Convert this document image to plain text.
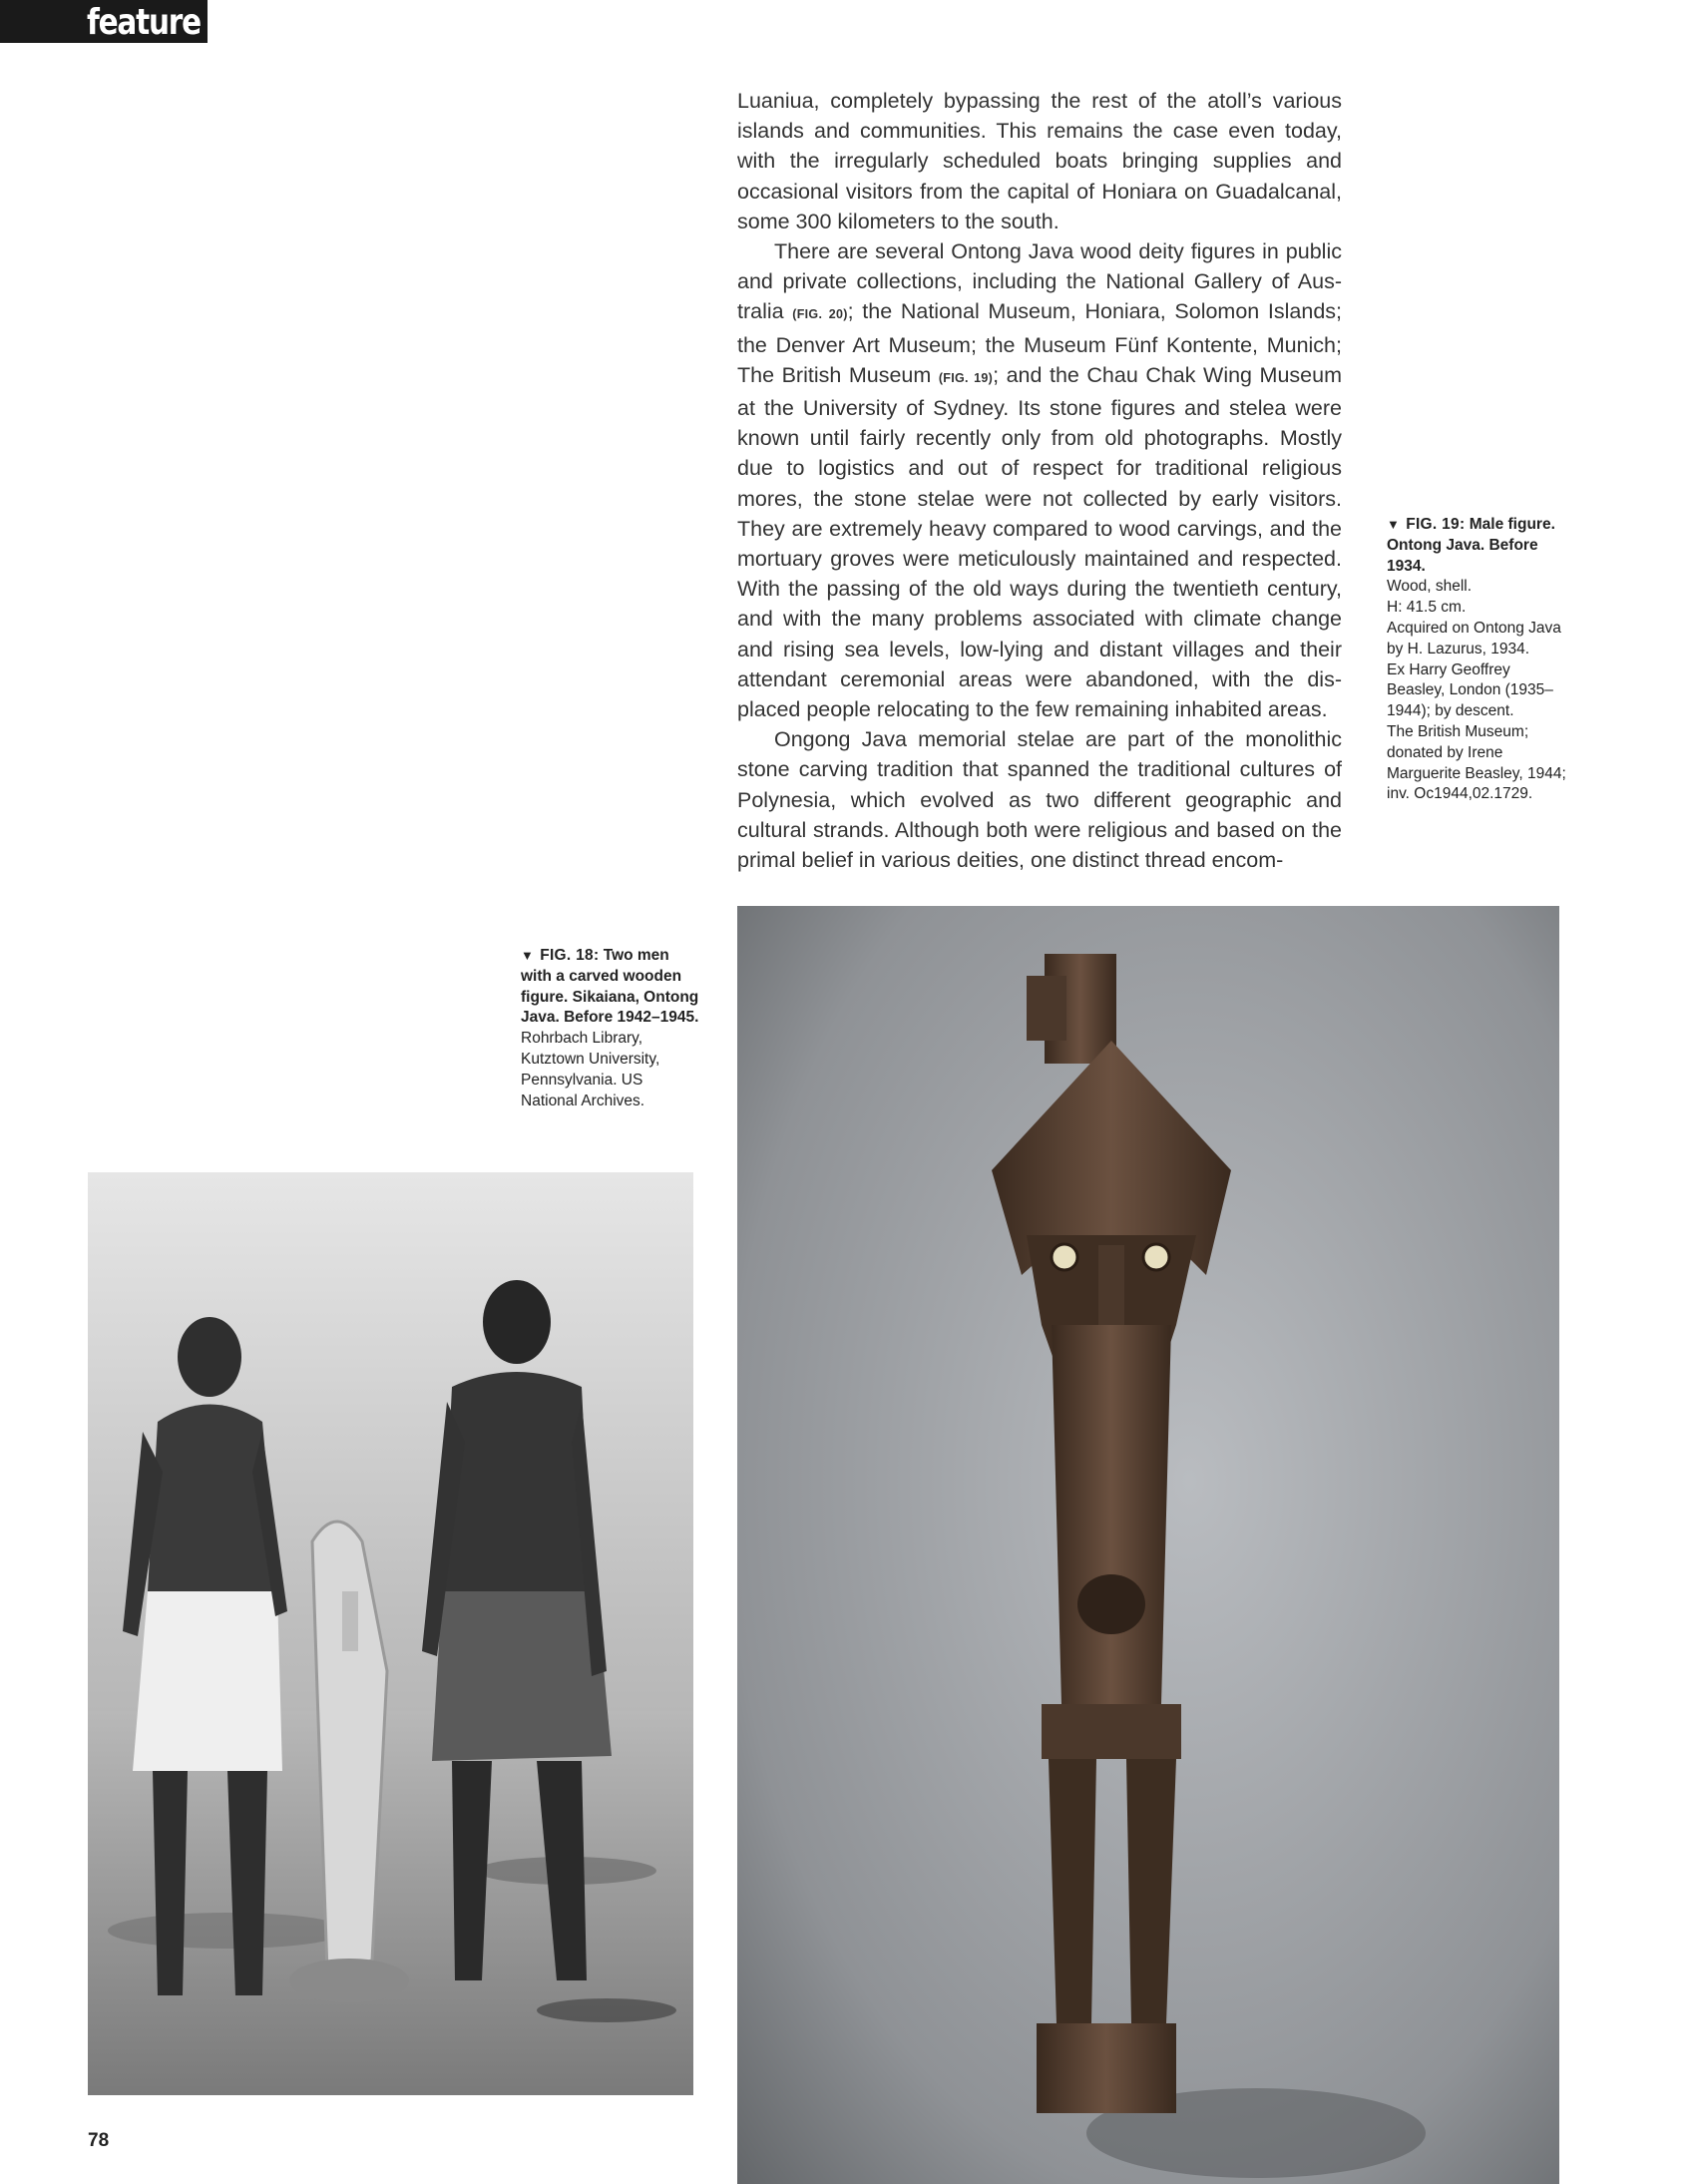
feature

Luaniua, completely bypassing the rest of the atoll’s various islands and communities. This remains the case even today, with the irregularly scheduled boats bringing supplies and occasional visitors from the capital of Honiara on Guadalcanal, some 300 kilometers to the south.

There are several Ontong Java wood deity figures in public and private collections, including the National Gallery of Australia (FIG. 20); the National Museum, Honiara, Solomon Islands; the Denver Art Museum; the Museum Fünf Kontente, Munich; The British Museum (FIG. 19); and the Chau Chak Wing Museum at the University of Sydney. Its stone figures and stelea were known until fairly recently only from old photographs. Mostly due to logistics and out of respect for traditional religious mores, the stone stelae were not collected by early visitors. They are extremely heavy compared to wood carvings, and the mortuary groves were meticulously maintained and respected. With the passing of the old ways during the twentieth century, and with the many problems associated with climate change and rising sea levels, low-lying and distant villages and their attendant ceremonial areas were abandoned, with the displaced people relocating to the few remaining inhabited areas.

Ongong Java memorial stelae are part of the monolithic stone carving tradition that spanned the traditional cultures of Polynesia, which evolved as two different geographic and cultural strands. Although both were religious and based on the primal belief in various deities, one distinct thread encom-

▼ FIG. 19: Male figure. Ontong Java. Before 1934.
Wood, shell.
H: 41.5 cm.
Acquired on Ontong Java by H. Lazurus, 1934.
Ex Harry Geoffrey Beasley, London (1935–1944); by descent.
The British Museum; donated by Irene Marguerite Beasley, 1944;
inv. Oc1944,02.1729.
▼ FIG. 18: Two men with a carved wooden figure. Sikaiana, Ontong Java. Before 1942–1945.
Rohrbach Library, Kutztown University, Pennsylvania. US National Archives.
78
